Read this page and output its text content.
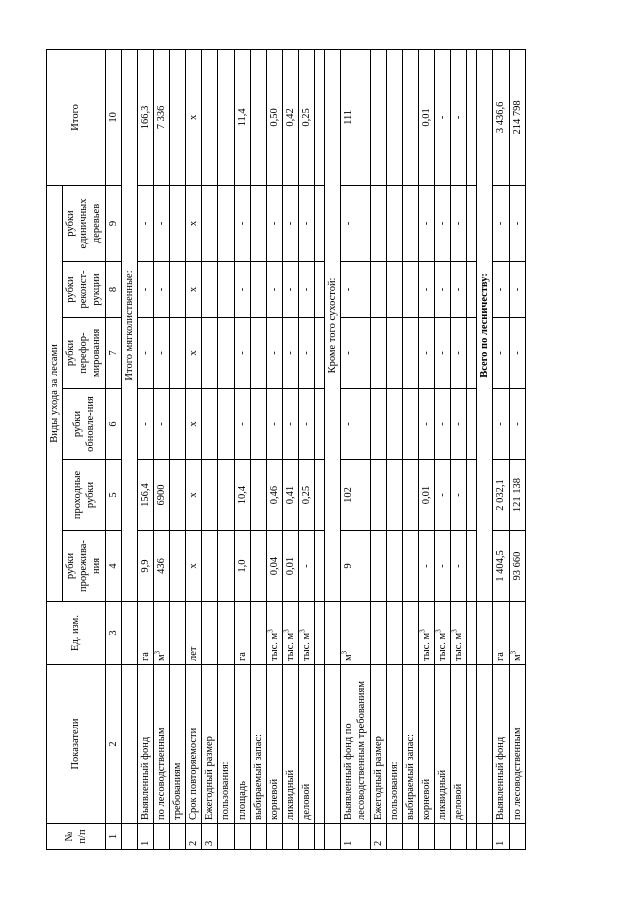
№ п/п	Показатели	Ед. изм.	Виды ухода за лесами						Итого
			рубки прорежива-ния	проходные рубки	рубки обновле-ния	рубки перефор-мирования	рубки реконст-рукции	рубки единичных деревьев	
1	2	3	4	5	6	7	8	9	10
			Итого мягколиственные:						
1	Выявленный фонд	га	9,9	156,4	-	-	-	-	166,3
	по лесоводственным	$м^3$	436	6900	-	-	-	-	7 336
	требованиям								
2	Срок повторяемости	лет	х	х	х	х	х	х	х
3	Ежегодный размер								
	пользования:								
	площадь	га	1,0	10,4	-	-	-	-	11,4
	выбираемый запас:								
	корневой	тыс. $м^3$	0,04	0,46	-	-	-	-	0,50
	ликвидный	тыс. $м^3$	0,01	0,41	-	-	-	-	0,42
	деловой	тыс. $м^3$	-	0,25	-	-	-	-	0,25

			Кроме того сухостой:						
1	Выявленный фонд по лесоводственным требованиям	$м^3$	9	102	-	-	-	-	111
2	Ежегодный размер								
	пользования:								
	выбираемый запас:								
	корневой	тыс. $м^3$	-	0,01	-	-	-	-	0,01
	ликвидный	тыс. $м^3$	-	-	-	-	-	-	-
	деловой	тыс. $м^3$	-	-	-	-	-	-	-

			Всего по лесничеству:						
1	Выявленный фонд	га	1 404,5	2 032,1	-	-	-	-	3 436,6
	по лесоводственным	$м^3$	93 660	121 138	-	-	-	-	214 798
